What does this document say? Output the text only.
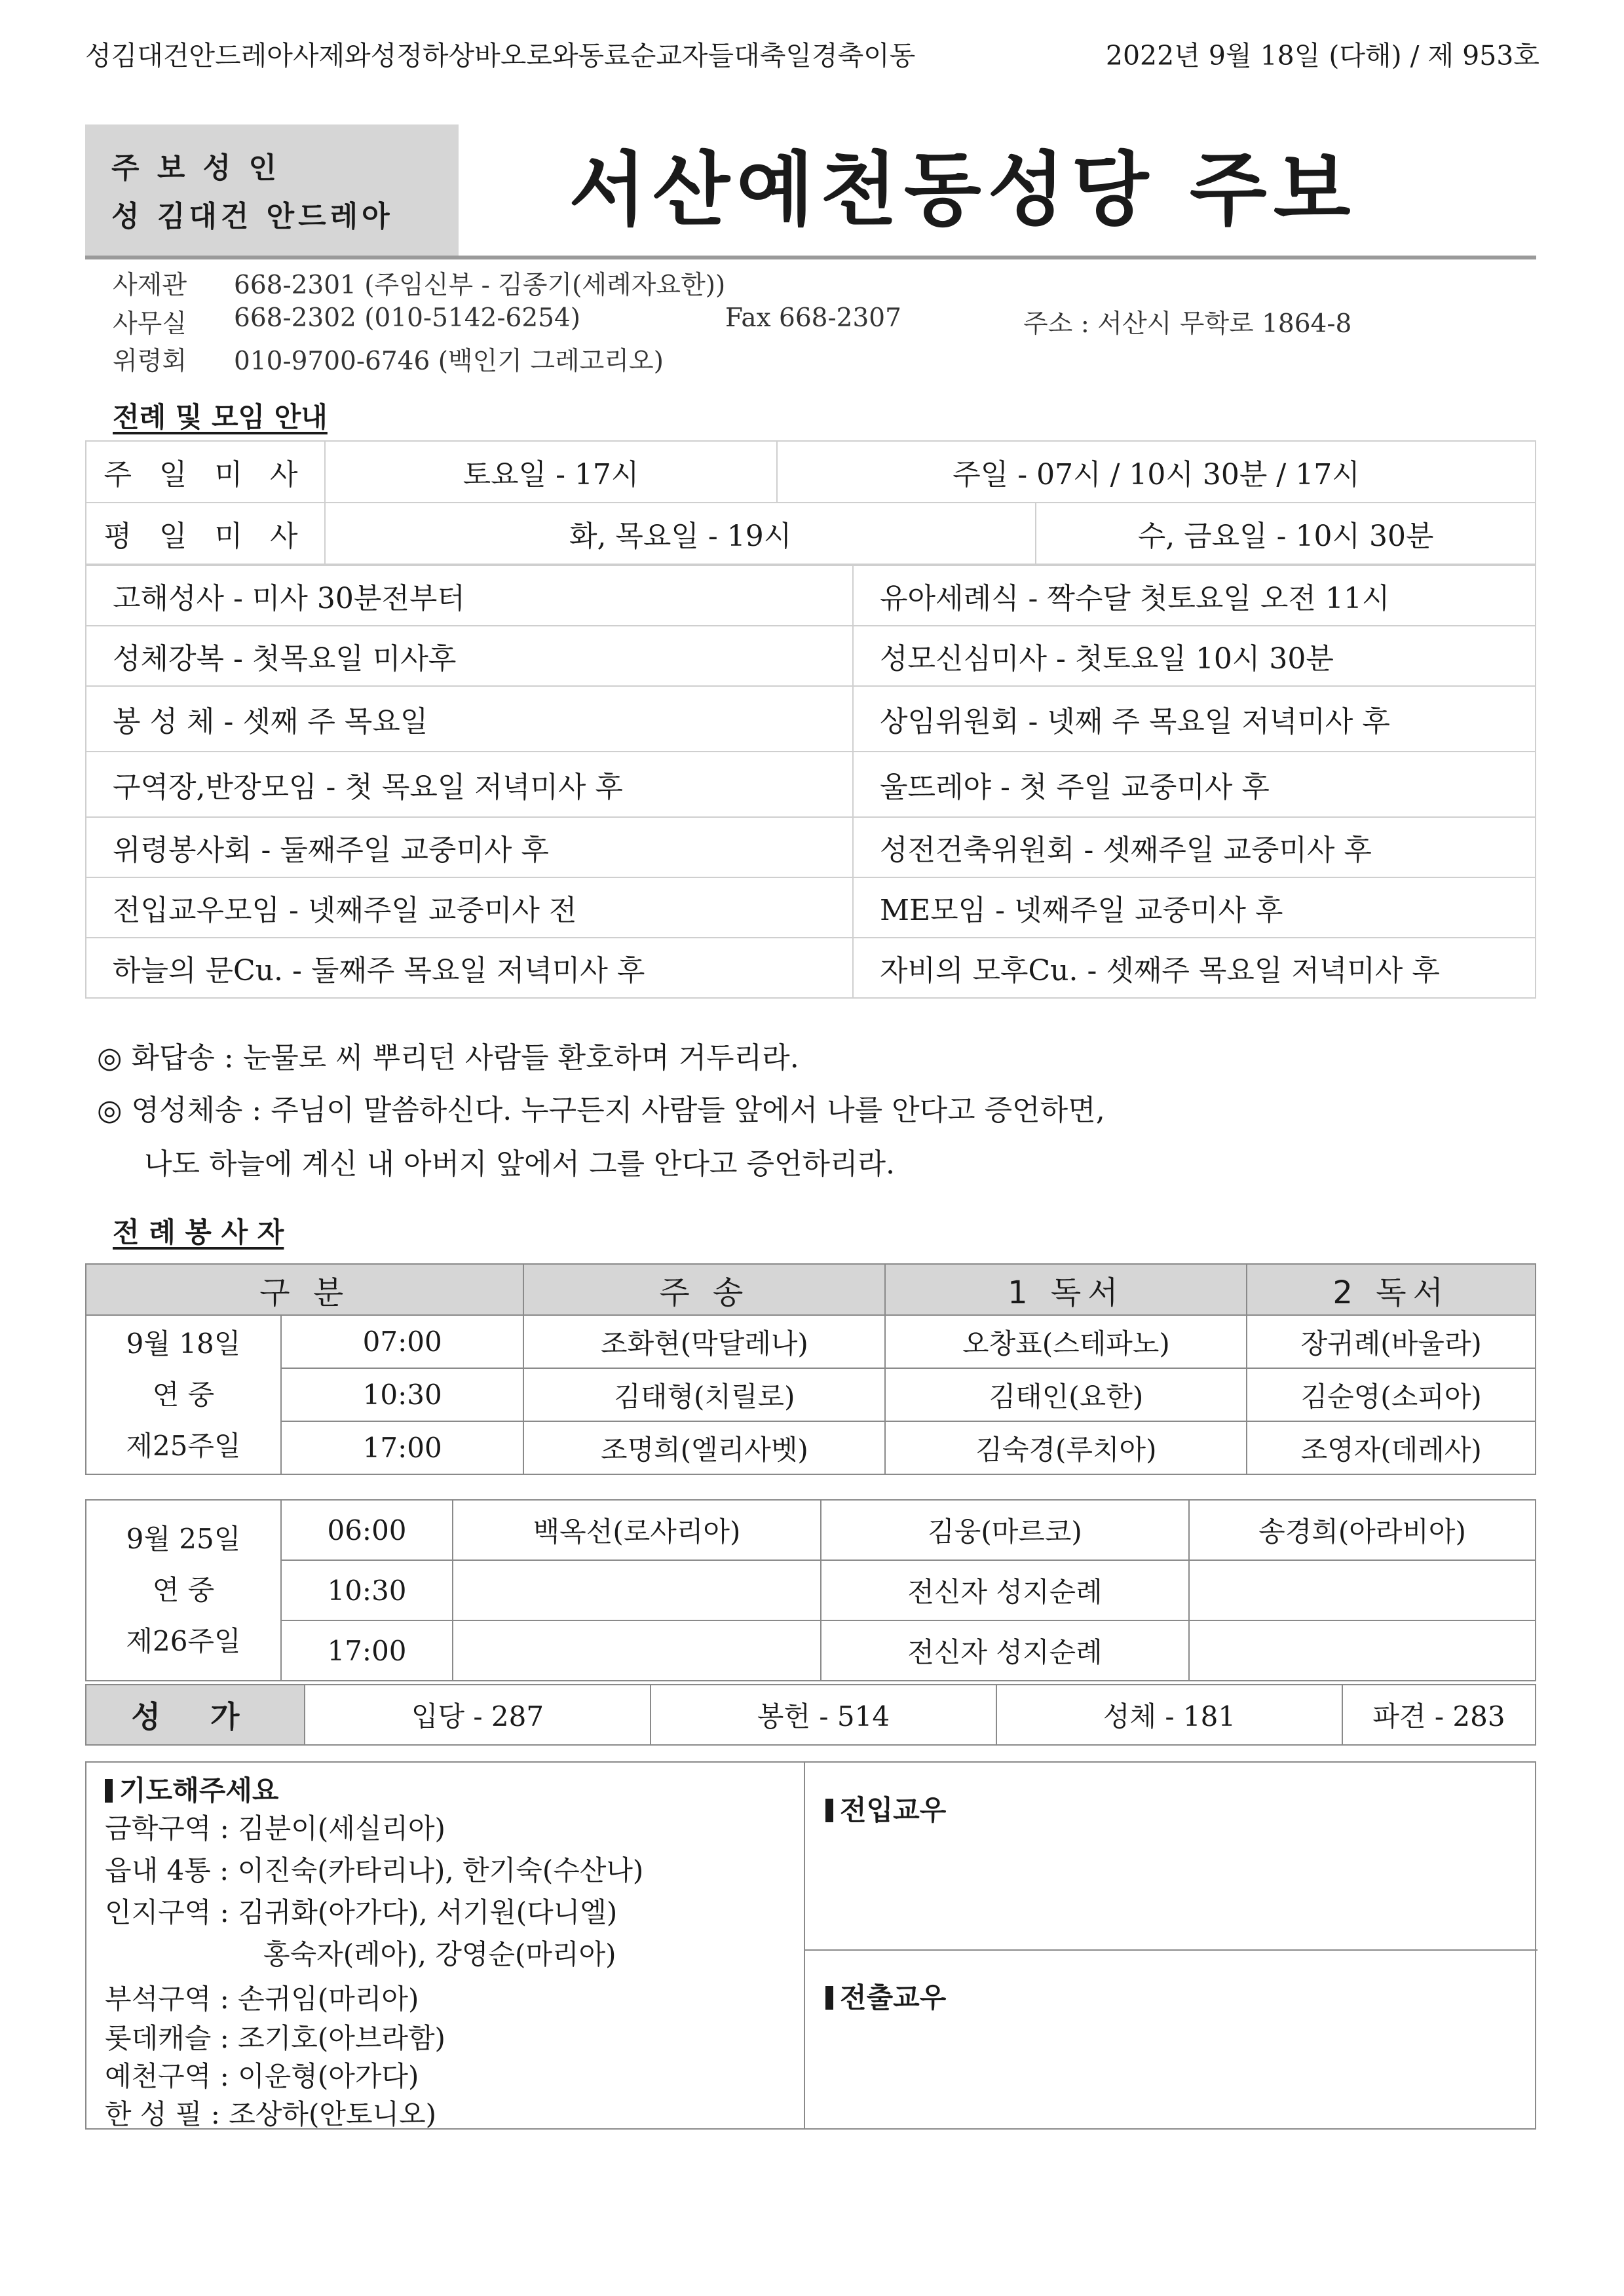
성김대건안드레아사제와성정하상바오로와동료순교자들대축일경축이동	2022년 9월 18일 (다해) / 제 953호
주 보 성 인
성 김대건 안드레아	서산예천동성당 주보
사제관 668-2301 (주임신부 - 김종기(세례자요한))
사무실 668-2302 (010-5142-6254)	Fax 668-2307	주소 : 서산시 무학로 1864-8
위령회 010-9700-6746 (백인기 그레고리오)
전례 및 모임 안내
주 일 미 사	토요일 - 17시	주일 - 07시 / 10시 30분 / 17시	
평 일 미 사	화, 목요일 - 19시		수, 금요일 - 10시 30분
고해성사 - 미사 30분전부터	유아세례식 - 짝수달 첫토요일 오전 11시
성체강복 - 첫목요일 미사후	성모신심미사 - 첫토요일 10시 30분
봉 성 체 - 셋째 주 목요일	상임위원회 - 넷째 주 목요일 저녁미사 후
구역장,반장모임 - 첫 목요일 저녁미사 후	울뜨레야 - 첫 주일 교중미사 후
위령봉사회 - 둘째주일 교중미사 후	성전건축위원회 - 셋째주일 교중미사 후
전입교우모임 - 넷째주일 교중미사 전	ME모임 - 넷째주일 교중미사 후
하늘의 문Cu. - 둘째주 목요일 저녁미사 후	자비의 모후Cu. - 셋째주 목요일 저녁미사 후
◎ 화답송 : 눈물로 씨 뿌리던 사람들 환호하며 거두리라.
◎ 영성체송 : 주님이 말씀하신다. 누구든지 사람들 앞에서 나를 안다고 증언하면,
나도 하늘에 계신 내 아버지 앞에서 그를 안다고 증언하리라.
전 례 봉 사 자
구 분		주 송	1 독서	2 독서

9월 18일
연 중
제25주일	07:00	조화현(막달레나)	오창표(스테파노)	장귀례(바울라)
	10:30	김태형(치릴로)	김태인(요한)	김순영(소피아)
	17:00	조명희(엘리사벳)	김숙경(루치아)	조영자(데레사)
9월 25일
연 중
제26주일	06:00	백옥선(로사리아)	김웅(마르코)	송경희(아라비아)
	10:30		전신자 성지순례	
	17:00		전신자 성지순례	
성 가	입당 - 287	봉헌 - 514	성체 - 181	파견 - 283
기도해주세요
금학구역 : 김분이(세실리아)
읍내 4통 : 이진숙(카타리나), 한기숙(수산나)
인지구역 : 김귀화(아가다), 서기원(다니엘)
홍숙자(레아), 강영순(마리아)
부석구역 : 손귀임(마리아)
롯데캐슬 : 조기호(아브라함)
예천구역 : 이운형(아가다)
한 성 필 : 조상하(안토니오)
전입교우
전출교우
